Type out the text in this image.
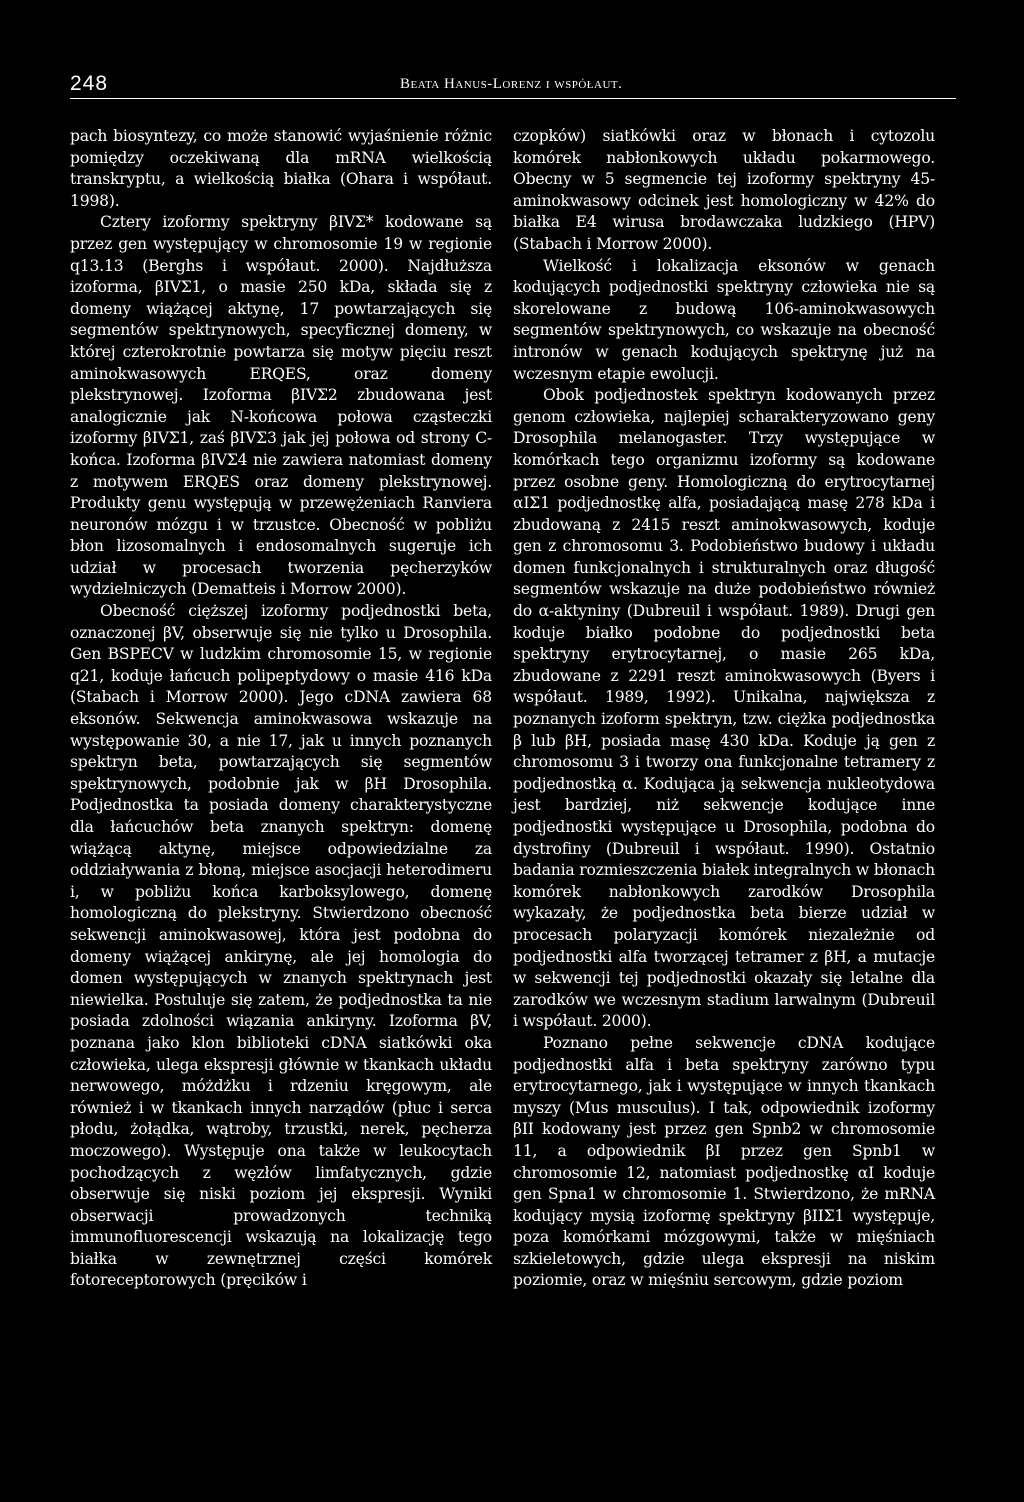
248	Beata Hanus-Lorenz i współaut.

pach biosyntezy, co może stanowić wyjaśnienie różnic pomiędzy oczekiwaną dla mRNA wielkością transkryptu, a wielkością białka (Ohara i współaut. 1998).

Cztery izoformy spektryny βIVΣ* kodowane są przez gen występujący w chromosomie 19 w regionie q13.13 (Berghs i współaut. 2000). Najdłuższa izoforma, βIVΣ1, o masie 250 kDa, składa się z domeny wiążącej aktynę, 17 powtarzających się segmentów spektrynowych, specyficznej domeny, w której czterokrotnie powtarza się motyw pięciu reszt aminokwasowych ERQES, oraz domeny plekstrynowej. Izoforma βIVΣ2 zbudowana jest analogicznie jak N-końcowa połowa cząsteczki izoformy βIVΣ1, zaś βIVΣ3 jak jej połowa od strony C-końca. Izoforma βIVΣ4 nie zawiera natomiast domeny z motywem ERQES oraz domeny plekstrynowej. Produkty genu występują w przewężeniach Ranviera neuronów mózgu i w trzustce. Obecność w pobliżu błon lizosomalnych i endosomalnych sugeruje ich udział w procesach tworzenia pęcherzyków wydzielniczych (Dematteis i Morrow 2000).

Obecność cięższej izoformy podjednostki beta, oznaczonej βV, obserwuje się nie tylko u Drosophila. Gen BSPECV w ludzkim chromosomie 15, w regionie q21, koduje łańcuch polipeptydowy o masie 416 kDa (Stabach i Morrow 2000). Jego cDNA zawiera 68 eksonów. Sekwencja aminokwasowa wskazuje na występowanie 30, a nie 17, jak u innych poznanych spektryn beta, powtarzających się segmentów spektrynowych, podobnie jak w βH Drosophila. Podjednostka ta posiada domeny charakterystyczne dla łańcuchów beta znanych spektryn: domenę wiążącą aktynę, miejsce odpowiedzialne za oddziaływania z błoną, miejsce asocjacji heterodimeru i, w pobliżu końca karboksylowego, domenę homologiczną do plekstryny. Stwierdzono obecność sekwencji aminokwasowej, która jest podobna do domeny wiążącej ankirynę, ale jej homologia do domen występujących w znanych spektrynach jest niewielka. Postuluje się zatem, że podjednostka ta nie posiada zdolności wiązania ankiryny. Izoforma βV, poznana jako klon biblioteki cDNA siatkówki oka człowieka, ulega ekspresji głównie w tkankach układu nerwowego, móżdżku i rdzeniu kręgowym, ale również i w tkankach innych narządów (płuc i serca płodu, żołądka, wątroby, trzustki, nerek, pęcherza moczowego). Występuje ona także w leukocytach pochodzących z węzłów limfatycznych, gdzie obserwuje się niski poziom jej ekspresji. Wyniki obserwacji prowadzonych techniką immunofluorescencji wskazują na lokalizację tego białka w zewnętrznej części komórek fotoreceptorowych (pręcików i

czopków) siatkówki oraz w błonach i cytozolu komórek nabłonkowych układu pokarmowego. Obecny w 5 segmencie tej izoformy spektryny 45-aminokwasowy odcinek jest homologiczny w 42% do białka E4 wirusa brodawczaka ludzkiego (HPV) (Stabach i Morrow 2000).

Wielkość i lokalizacja eksonów w genach kodujących podjednostki spektryny człowieka nie są skorelowane z budową 106-aminokwasowych segmentów spektrynowych, co wskazuje na obecność intronów w genach kodujących spektrynę już na wczesnym etapie ewolucji.

Obok podjednostek spektryn kodowanych przez genom człowieka, najlepiej scharakteryzowano geny Drosophila melanogaster. Trzy występujące w komórkach tego organizmu izoformy są kodowane przez osobne geny. Homologiczną do erytrocytarnej αIΣ1 podjednostkę alfa, posiadającą masę 278 kDa i zbudowaną z 2415 reszt aminokwasowych, koduje gen z chromosomu 3. Podobieństwo budowy i układu domen funkcjonalnych i strukturalnych oraz długość segmentów wskazuje na duże podobieństwo również do α-aktyniny (Dubreuil i współaut. 1989). Drugi gen koduje białko podobne do podjednostki beta spektryny erytrocytarnej, o masie 265 kDa, zbudowane z 2291 reszt aminokwasowych (Byers i współaut. 1989, 1992). Unikalna, największa z poznanych izoform spektryn, tzw. ciężka podjednostka β lub βH, posiada masę 430 kDa. Koduje ją gen z chromosomu 3 i tworzy ona funkcjonalne tetramery z podjednostką α. Kodująca ją sekwencja nukleotydowa jest bardziej, niż sekwencje kodujące inne podjednostki występujące u Drosophila, podobna do dystrofiny (Dubreuil i współaut. 1990). Ostatnio badania rozmieszczenia białek integralnych w błonach komórek nabłonkowych zarodków Drosophila wykazały, że podjednostka beta bierze udział w procesach polaryzacji komórek niezależnie od podjednostki alfa tworzącej tetramer z βH, a mutacje w sekwencji tej podjednostki okazały się letalne dla zarodków we wczesnym stadium larwalnym (Dubreuil i współaut. 2000).

Poznano pełne sekwencje cDNA kodujące podjednostki alfa i beta spektryny zarówno typu erytrocytarnego, jak i występujące w innych tkankach myszy (Mus musculus). I tak, odpowiednik izoformy βII kodowany jest przez gen Spnb2 w chromosomie 11, a odpowiednik βI przez gen Spnb1 w chromosomie 12, natomiast podjednostkę αI koduje gen Spna1 w chromosomie 1. Stwierdzono, że mRNA kodujący mysią izoformę spektryny βIIΣ1 występuje, poza komórkami mózgowymi, także w mięśniach szkieletowych, gdzie ulega ekspresji na niskim poziomie, oraz w mięśniu sercowym, gdzie poziom
